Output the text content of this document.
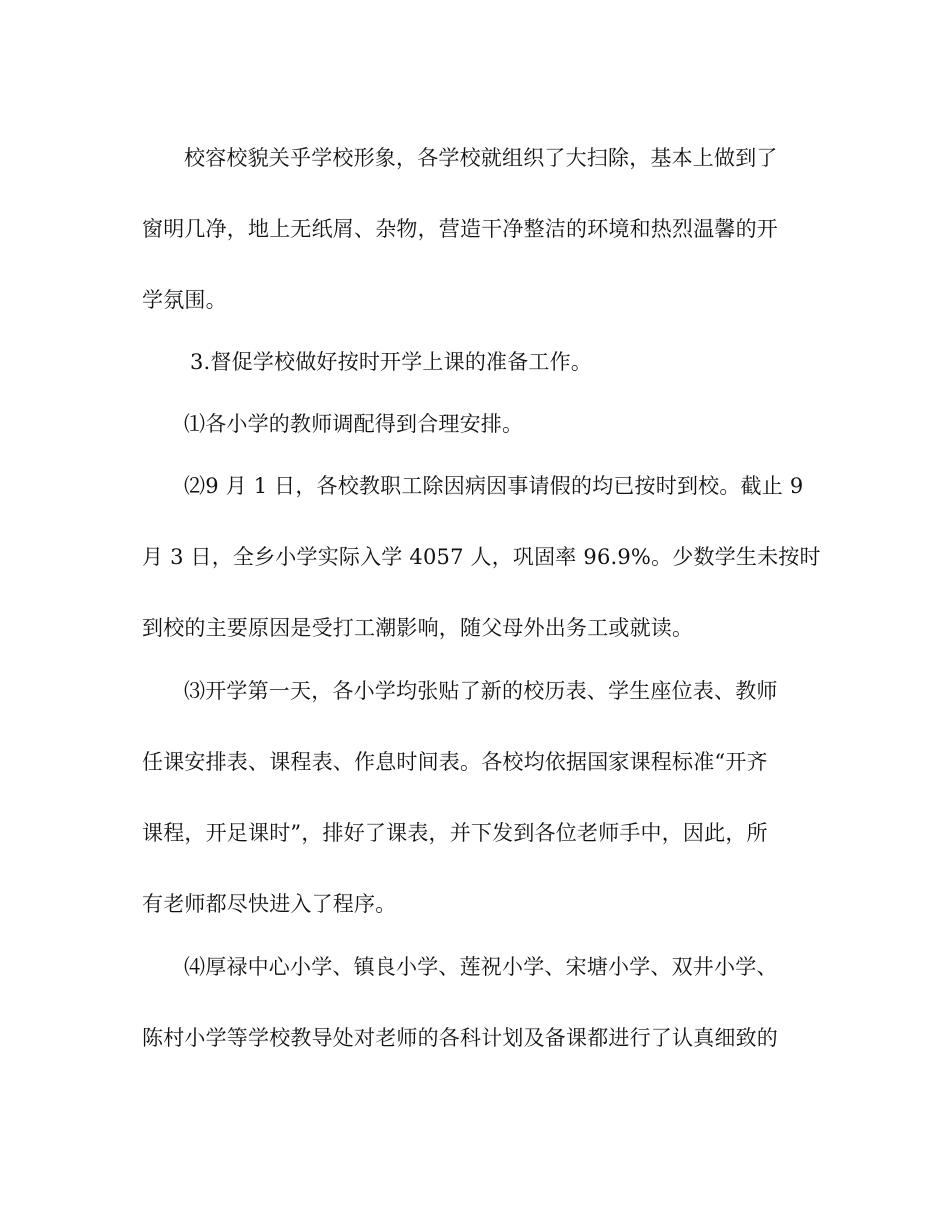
校容校貌关乎学校形象，各学校就组织了大扫除，基本上做到了
窗明几净，地上无纸屑、杂物，营造干净整洁的环境和热烈温馨的开
学氛围。
3.督促学校做好按时开学上课的准备工作。
⑴各小学的教师调配得到合理安排。
⑵9 月 1 日，各校教职工除因病因事请假的均已按时到校。截止 9
月 3 日，全乡小学实际入学 4057 人，巩固率 96.9%。少数学生未按时
到校的主要原因是受打工潮影响，随父母外出务工或就读。
⑶开学第一天，各小学均张贴了新的校历表、学生座位表、教师
任课安排表、课程表、作息时间表。各校均依据国家课程标准“开齐
课程，开足课时”，排好了课表，并下发到各位老师手中，因此，所
有老师都尽快进入了程序。
⑷厚禄中心小学、镇良小学、莲祝小学、宋塘小学、双井小学、
陈村小学等学校教导处对老师的各科计划及备课都进行了认真细致的
